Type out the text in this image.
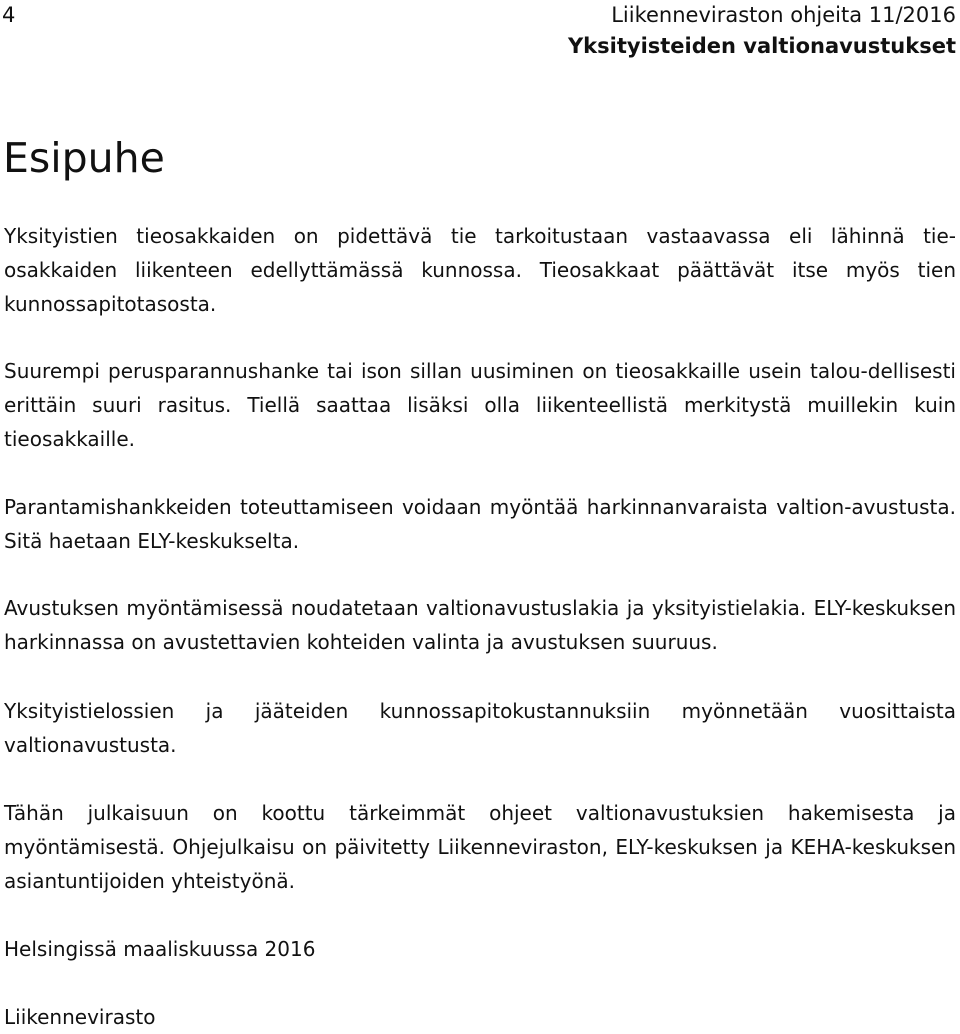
4	Liikenneviraston ohjeita 11/2016
Yksityisteiden valtionavustukset
Esipuhe

Yksityistien tieosakkaiden on pidettävä tie tarkoitustaan vastaavassa eli lähinnä tie-osakkaiden liikenteen edellyttämässä kunnossa. Tieosakkaat päättävät itse myös tien kunnossapitotasosta.

Suurempi perusparannushanke tai ison sillan uusiminen on tieosakkaille usein talou-dellisesti erittäin suuri rasitus. Tiellä saattaa lisäksi olla liikenteellistä merkitystä muillekin kuin tieosakkaille.

Parantamishankkeiden toteuttamiseen voidaan myöntää harkinnanvaraista valtion-avustusta. Sitä haetaan ELY-keskukselta.

Avustuksen myöntämisessä noudatetaan valtionavustuslakia ja yksityistielakia. ELY-keskuksen harkinnassa on avustettavien kohteiden valinta ja avustuksen suuruus.

Yksityistielossien ja jääteiden kunnossapitokustannuksiin myönnetään vuosittaista valtionavustusta.

Tähän julkaisuun on koottu tärkeimmät ohjeet valtionavustuksien hakemisesta ja myöntämisestä. Ohjejulkaisu on päivitetty Liikenneviraston, ELY-keskuksen ja KEHA-keskuksen asiantuntijoiden yhteistyönä.

Helsingissä maaliskuussa 2016

Liikennevirasto
